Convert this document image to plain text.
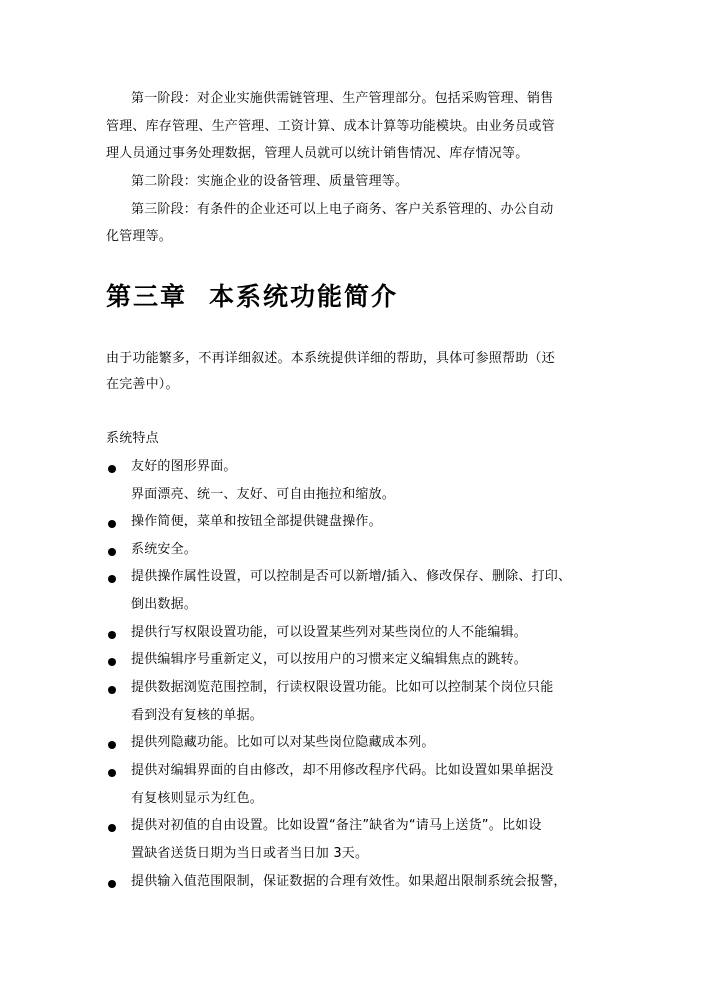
第一阶段：对企业实施供需链管理、生产管理部分。包括采购管理、销售
管理、库存管理、生产管理、工资计算、成本计算等功能模块。由业务员或管
理人员通过事务处理数据，管理人员就可以统计销售情况、库存情况等。
第二阶段：实施企业的设备管理、质量管理等。
第三阶段：有条件的企业还可以上电子商务、客户关系管理的、办公自动
化管理等。
第三章 本系统功能简介
由于功能繁多，不再详细叙述。本系统提供详细的帮助，具体可参照帮助（还
在完善中）。
系统特点
友好的图形界面。
界面漂亮、统一、友好、可自由拖拉和缩放。
操作简便，菜单和按钮全部提供键盘操作。
系统安全。
提供操作属性设置，可以控制是否可以新增/插入、修改保存、删除、打印、
倒出数据。
提供行写权限设置功能，可以设置某些列对某些岗位的人不能编辑。
提供编辑序号重新定义，可以按用户的习惯来定义编辑焦点的跳转。
提供数据浏览范围控制，行读权限设置功能。比如可以控制某个岗位只能
看到没有复核的单据。
提供列隐藏功能。比如可以对某些岗位隐藏成本列。
提供对编辑界面的自由修改，却不用修改程序代码。比如设置如果单据没
有复核则显示为红色。
提供对初值的自由设置。比如设置“备注”缺省为“请马上送货”。比如设
置缺省送货日期为当日或者当日加 3天。
提供输入值范围限制，保证数据的合理有效性。如果超出限制系统会报警，
